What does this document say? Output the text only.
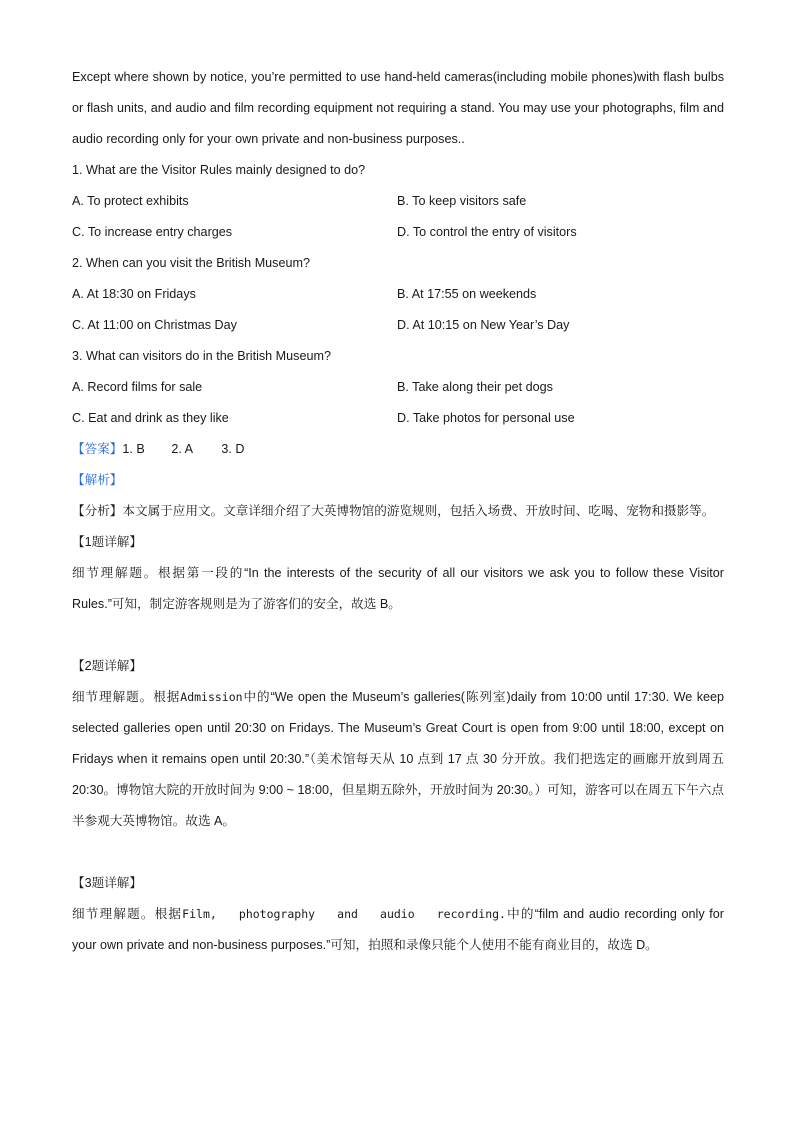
Except where shown by notice, you’re permitted to use hand-held cameras(including mobile phones)with flash bulbs or flash units, and audio and film recording equipment not requiring a stand. You may use your photographs, film and audio recording only for your own private and non-business purposes..

1. What are the Visitor Rules mainly designed to do?
A. To protect exhibits	B. To keep visitors safe
C. To increase entry charges	D. To control the entry of visitors
2. When can you visit the British Museum?
A. At 18:30 on Fridays	B. At 17:55 on weekends
C. At 11:00 on Christmas Day	D. At 10:15 on New Year’s Day
3. What can visitors do in the British Museum?
A. Record films for sale	B. Take along their pet dogs
C. Eat and drink as they like	D. Take photos for personal use
【答案】1. B 2. A 3. D
【解析】

【分析】本文属于应用文。文章详细介绍了大英博物馆的游览规则，包括入场费、开放时间、吃喝、宠物和摄影等。

【1题详解】

细节理解题。根据第一段的“In the interests of the security of all our visitors we ask you to follow these Visitor Rules.”可知，制定游客规则是为了游客们的安全，故选 B。

【2题详解】

细节理解题。根据Admission中的“We open the Museum’s galleries(陈列室)daily from 10:00 until 17:30. We keep selected galleries open until 20:30 on Fridays. The Museum’s Great Court is open from 9:00 until 18:00, except on Fridays when it remains open until 20:30.”（美术馆每天从 10 点到 17 点 30 分开放。我们把选定的画廊开放到周五 20:30。博物馆大院的开放时间为 9:00 ~ 18:00，但星期五除外，开放时间为 20:30。）可知，游客可以在周五下午六点半参观大英博物馆。故选 A。

【3题详解】

细节理解题。根据Film, photography and audio recording.中的“film and audio recording only for your own private and non-business purposes.”可知，拍照和录像只能个人使用不能有商业目的，故选 D。
